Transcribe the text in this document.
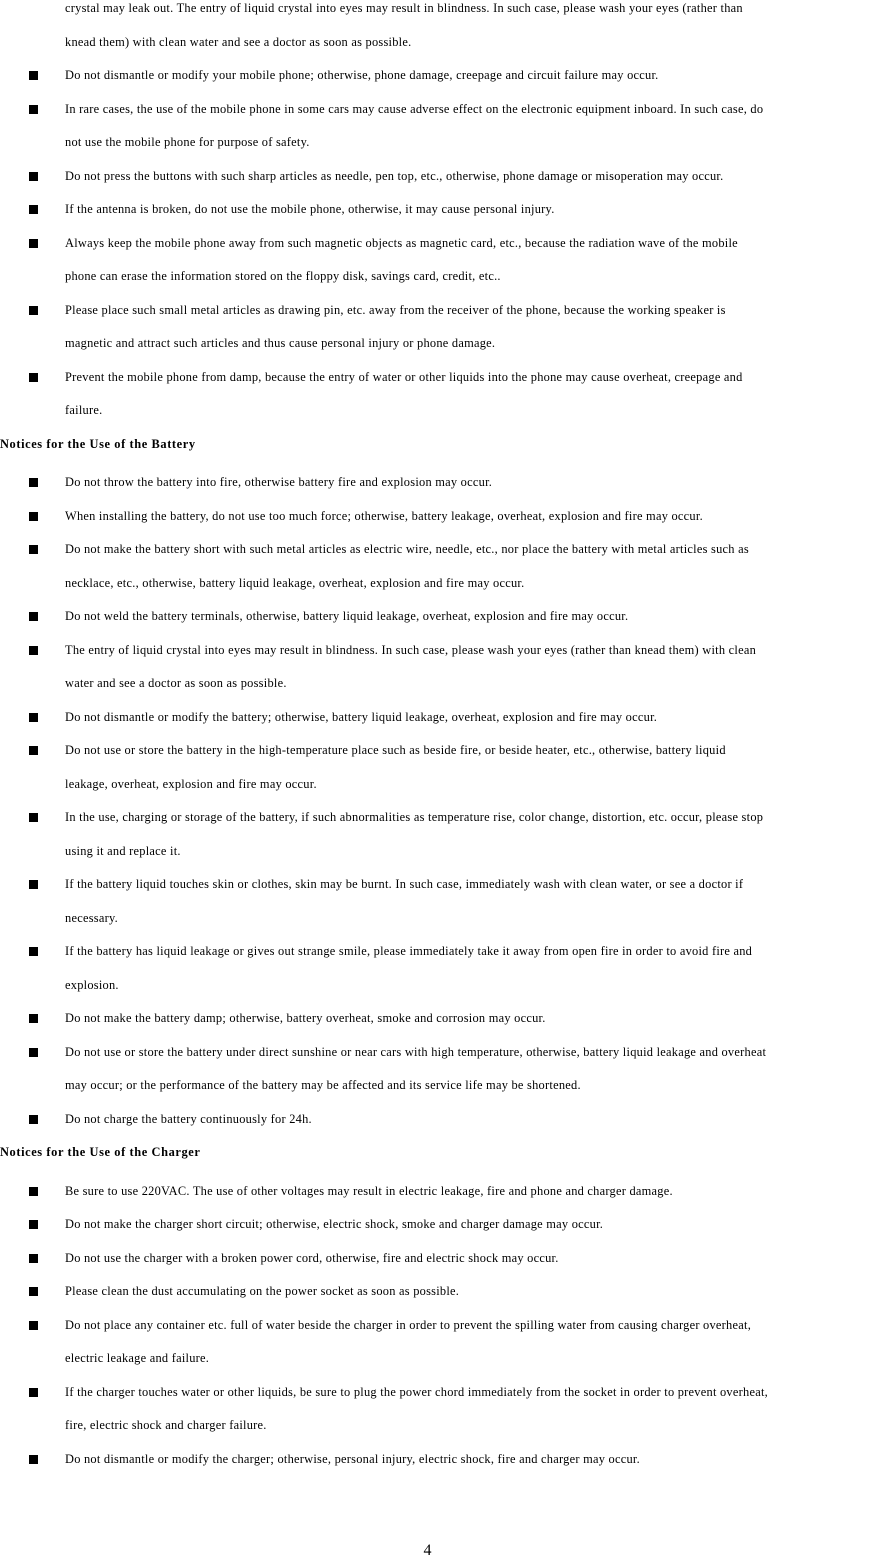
crystal may leak out. The entry of liquid crystal into eyes may result in blindness. In such case, please wash your eyes (rather than
knead them) with clean water and see a doctor as soon as possible.
Do not dismantle or modify your mobile phone; otherwise, phone damage, creepage and circuit failure may occur.
In rare cases, the use of the mobile phone in some cars may cause adverse effect on the electronic equipment inboard. In such case, do
not use the mobile phone for purpose of safety.
Do not press the buttons with such sharp articles as needle, pen top, etc., otherwise, phone damage or misoperation may occur.
If the antenna is broken, do not use the mobile phone, otherwise, it may cause personal injury.
Always keep the mobile phone away from such magnetic objects as magnetic card, etc., because the radiation wave of the mobile
phone can erase the information stored on the floppy disk, savings card, credit, etc..
Please place such small metal articles as drawing pin, etc. away from the receiver of the phone, because the working speaker is
magnetic and attract such articles and thus cause personal injury or phone damage.
Prevent the mobile phone from damp, because the entry of water or other liquids into the phone may cause overheat, creepage and
failure.
Notices for the Use of the Battery
Do not throw the battery into fire, otherwise battery fire and explosion may occur.
When installing the battery, do not use too much force; otherwise, battery leakage, overheat, explosion and fire may occur.
Do not make the battery short with such metal articles as electric wire, needle, etc., nor place the battery with metal articles such as
necklace, etc., otherwise, battery liquid leakage, overheat, explosion and fire may occur.
Do not weld the battery terminals, otherwise, battery liquid leakage, overheat, explosion and fire may occur.
The entry of liquid crystal into eyes may result in blindness. In such case, please wash your eyes (rather than knead them) with clean
water and see a doctor as soon as possible.
Do not dismantle or modify the battery; otherwise, battery liquid leakage, overheat, explosion and fire may occur.
Do not use or store the battery in the high-temperature place such as beside fire, or beside heater, etc., otherwise, battery liquid
leakage, overheat, explosion and fire may occur.
In the use, charging or storage of the battery, if such abnormalities as temperature rise, color change, distortion, etc. occur, please stop
using it and replace it.
If the battery liquid touches skin or clothes, skin may be burnt. In such case, immediately wash with clean water, or see a doctor if
necessary.
If the battery has liquid leakage or gives out strange smile, please immediately take it away from open fire in order to avoid fire and
explosion.
Do not make the battery damp; otherwise, battery overheat, smoke and corrosion may occur.
Do not use or store the battery under direct sunshine or near cars with high temperature, otherwise, battery liquid leakage and overheat
may occur; or the performance of the battery may be affected and its service life may be shortened.
Do not charge the battery continuously for 24h.
Notices for the Use of the Charger
Be sure to use 220VAC. The use of other voltages may result in electric leakage, fire and phone and charger damage.
Do not make the charger short circuit; otherwise, electric shock, smoke and charger damage may occur.
Do not use the charger with a broken power cord, otherwise, fire and electric shock may occur.
Please clean the dust accumulating on the power socket as soon as possible.
Do not place any container etc. full of water beside the charger in order to prevent the spilling water from causing charger overheat,
electric leakage and failure.
If the charger touches water or other liquids, be sure to plug the power chord immediately from the socket in order to prevent overheat,
fire, electric shock and charger failure.
Do not dismantle or modify the charger; otherwise, personal injury, electric shock, fire and charger may occur.
4
